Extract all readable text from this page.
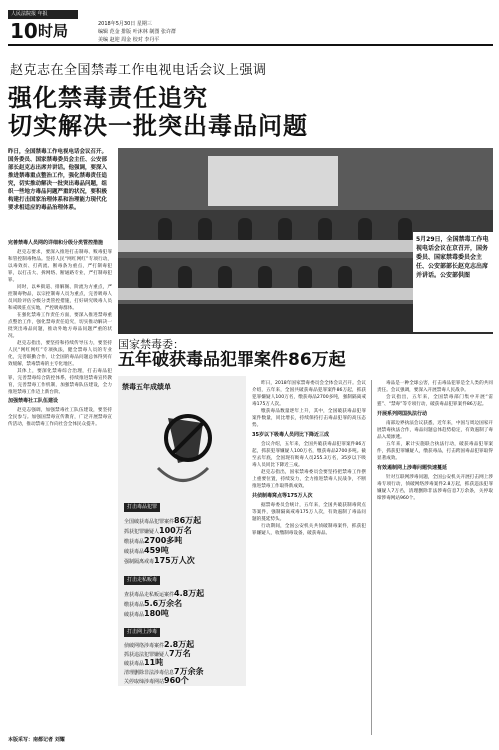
人民法院报 年报
10 时局	2018年5月30日 星期三
编辑 范金 排版 叶沐林 制图 张许群
美编 赵迎 周金 校对 李丹平
赵克志在全国禁毒工作电视电话会议上强调
强化禁毒责任追究
切实解决一批突出毒品问题
昨日，全国禁毒工作电视电话会议召开。国务委员、国家禁毒委员会主任、公安部部长赵克志出席并讲话。他强调，要深入推进禁毒重点整治工作，强化禁毒责任追究，切实推动解决一批突出毒品问题，组织一些地方毒品问题严重的状况，要积极构建打击国家治理体系和治理能力现代化要求相适应的毒品治理体系。
5月29日，全国禁毒工作电视电话会议在京召开，国务委员、国家禁毒委员会主任、公安部部长赵克志出席并讲话。公安部供图
完善禁毒人员网的详细和分级分类管控措施

赵克志要求，要深入推进打击制毒、贩毒犯罪和管控制毒物品。坚持人民“网红网红”专项行动，以毒效贫、打药流、断毒条为重点，严打制毒犯罪，以打击大、拆网络、断通路专业，严打制毒犯罪。

同时，以乡街道、排解阁、阶流为方重点，严控制毒物品，以宗控制毒人员为重点，完善吸毒人员风险评估分级分类管控措施，打好研究吸毒人员和戒吸驻点实地，严控吸毒群体。

在强化禁毒工作责任方面，要深入推进禁毒重点整治工作，强化禁毒责任追究，切实推动解决一批突出毒品问题，推动外地方毒品问题严重的状况。

赵克志指出，要坚持和持续传导压力，要坚持人民“网红网红”专项执法，健全禁毒人员的专业化，完善联勤合作，让全国的毒品问题总体得到有效缓解，禁毒禁毒的主专化地区。

其体上，要深化禁毒综合治理，打击毒品犯罪，完善禁毒综合防控体系，持续推进禁毒宣传教育，完善禁毒工作机制，加强禁毒队伍建设，全力推进禁毒工作迈上新台阶。

加强禁毒社工队伍建设

赵克志强调，加强禁毒社工队伍建设，要坚持全民参与。加强国禁毒宣传教育，广泛开展禁毒宣传活动，推动禁毒工作向社会全体民众提升。

国家禁毒委：
五年破获毒品犯罪案件86万起
禁毒五年成绩单
打击毒品犯罪
全国破获毒品犯罪案件86万起
抓获犯罪嫌疑人100万名
缴获毒品2700多吨
破获毒品459吨
强制隔离戒毒175万人次
打击走私贩毒
查获毒品走私贩运案件4.8万起
缴获毒品5.6万余名
破获毒品180吨
打击网上涉毒
侦破网络涉毒案件2.8万起
抓获违法犯罪嫌疑人7万名
破获毒品11吨
清理删除非法涉毒信息7万余条
关停取缔涉毒网站960个

昨日，2018年国家禁毒委员会全体会议召开。会议介绍，五年来，全国共破获毒品犯罪案件86万起，抓获犯罪嫌疑人100万名，缴获毒品2700多吨，强制隔离戒毒175万人次。

缴获毒品数量逐年上升，其中，全国破获毒品犯罪案件数量，同比增长，持续保持打击毒品犯罪的高压态势。

35岁以下吸毒人员同比下降近三成

会议介绍，五年来，全国共破获毒品犯罪案件86万起，抓获犯罪嫌疑人100万名，缴获毒品2700多吨。截至去年底，全国现有吸毒人员255.3万名，35岁以下吸毒人员同比下降近三成。

赵克志指出，国家禁毒委员会要坚持把禁毒工作摆上重要位置，持续发力，全力推进禁毒人民战争，不断推进禁毒工作取得新成效。

共侦制毒窝点等175万人次

据禁毒委员会统计，五年来，全国共破获制毒窝点等案件，强制隔离戒毒175万人次，有效遏制了毒品问题的蔓延势头。

行动期间，全国公安机关共侦破制毒案件，抓获犯罪嫌疑人，收缴制毒设备，破获毒品。

毒品是一种全球公害，打击毒品犯罪是全人类的共同责任。会议强调，要深入开展禁毒人民战争。

会议指出，五年来，全国禁毒部门集中开展“雷霆”、“禁毒”等专项行动，破获毒品犯罪案件86万起。

开展系列网国执法行动

南部边界执法会议获悉，近年来，中国与周边国家开展禁毒执法合作，毒品问题总体趋势稳定，有效遏制了毒品入境渗透。

五年来，累计实施联合执法行动，破获毒品犯罪案件，抓获犯罪嫌疑人，缴获毒品，打击跨国毒品犯罪取得显著成效。

有效遏制网上涉毒问题快速蔓延

针对互联网涉毒问题，全国公安机关开展打击网上涉毒专项行动，侦破网络涉毒案件2.8万起，抓获违法犯罪嫌疑人7万名，清理删除非法涉毒信息7万余条，关停取缔涉毒网站960个。

本版采写：南都记者 刘耀
